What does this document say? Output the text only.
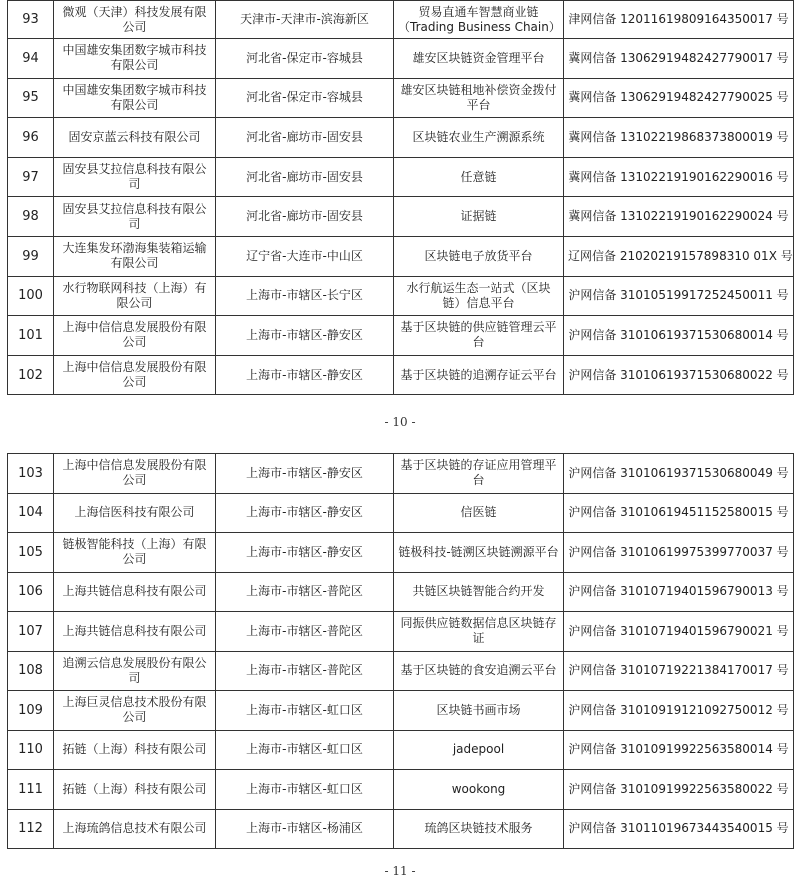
93	微观（天津）科技发展有限公司	天津市-天津市-滨海新区	贸易直通车智慧商业链（Trading Business Chain）	津网信备 12011619809164350017 号
94	中国雄安集团数字城市科技有限公司	河北省-保定市-容城县	雄安区块链资金管理平台	冀网信备 13062919482427790017 号
95	中国雄安集团数字城市科技有限公司	河北省-保定市-容城县	雄安区块链租地补偿资金拨付平台	冀网信备 13062919482427790025 号
96	固安京蓝云科技有限公司	河北省-廊坊市-固安县	区块链农业生产溯源系统	冀网信备 13102219868373800019 号
97	固安县艾拉信息科技有限公司	河北省-廊坊市-固安县	任意链	冀网信备 13102219190162290016 号
98	固安县艾拉信息科技有限公司	河北省-廊坊市-固安县	证据链	冀网信备 13102219190162290024 号
99	大连集发环渤海集装箱运输有限公司	辽宁省-大连市-中山区	区块链电子放货平台	辽网信备 21020219157898310 01X 号
100	水行物联网科技（上海）有限公司	上海市-市辖区-长宁区	水行航运生态一站式（区块链）信息平台	沪网信备 31010519917252450011 号
101	上海中信信息发展股份有限公司	上海市-市辖区-静安区	基于区块链的供应链管理云平台	沪网信备 31010619371530680014 号
102	上海中信信息发展股份有限公司	上海市-市辖区-静安区	基于区块链的追溯存证云平台	沪网信备 31010619371530680022 号
- 10 -
103	上海中信信息发展股份有限公司	上海市-市辖区-静安区	基于区块链的存证应用管理平台	沪网信备 31010619371530680049 号
104	上海信医科技有限公司	上海市-市辖区-静安区	信医链	沪网信备 31010619451152580015 号
105	链极智能科技（上海）有限公司	上海市-市辖区-静安区	链极科技-链溯区块链溯源平台	沪网信备 31010619975399770037 号
106	上海共链信息科技有限公司	上海市-市辖区-普陀区	共链区块链智能合约开发	沪网信备 31010719401596790013 号
107	上海共链信息科技有限公司	上海市-市辖区-普陀区	同振供应链数据信息区块链存证	沪网信备 31010719401596790021 号
108	追溯云信息发展股份有限公司	上海市-市辖区-普陀区	基于区块链的食安追溯云平台	沪网信备 31010719221384170017 号
109	上海巨灵信息技术股份有限公司	上海市-市辖区-虹口区	区块链书画市场	沪网信备 31010919121092750012 号
110	拓链（上海）科技有限公司	上海市-市辖区-虹口区	jadepool	沪网信备 31010919922563580014 号
111	拓链（上海）科技有限公司	上海市-市辖区-虹口区	wookong	沪网信备 31010919922563580022 号
112	上海琉鸽信息技术有限公司	上海市-市辖区-杨浦区	琉鸽区块链技术服务	沪网信备 31011019673443540015 号
- 11 -
